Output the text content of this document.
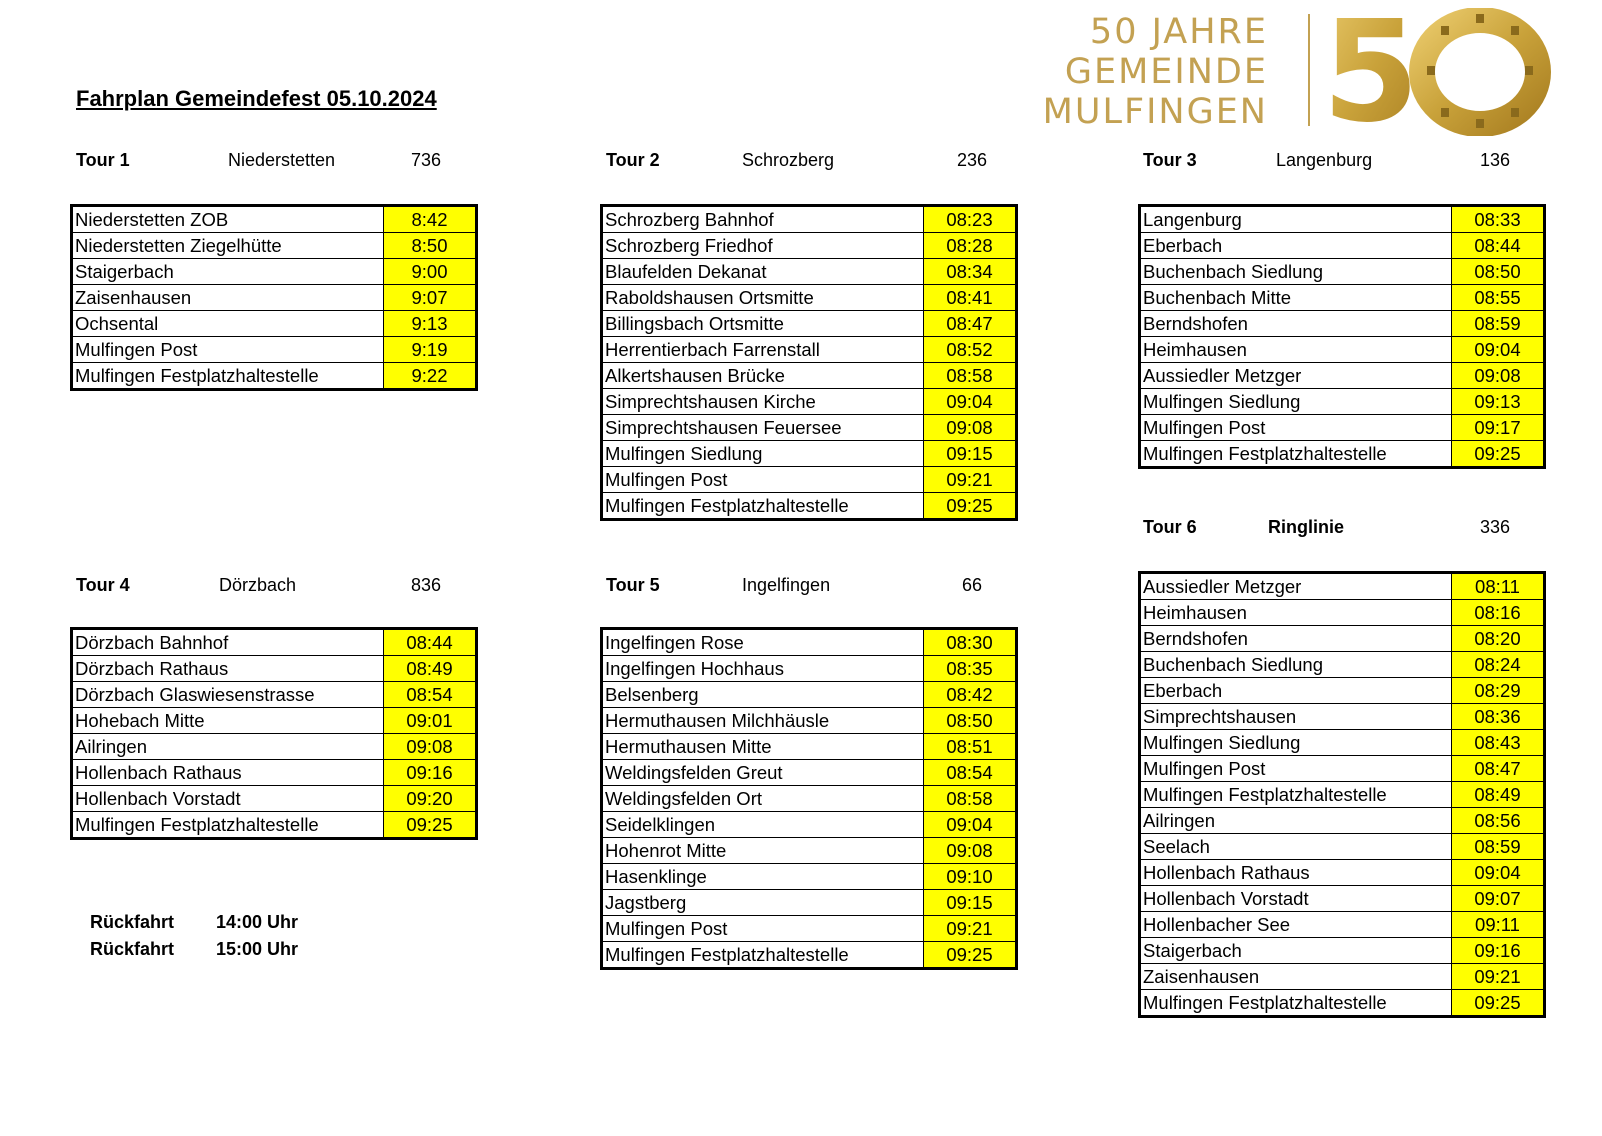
Fahrplan Gemeindefest 05.10.2024
50 JAHRE
GEMEINDE
MULFINGEN 5
Tour 1	Niederstetten	736
Niederstetten ZOB	8:42
Niederstetten Ziegelhütte	8:50
Staigerbach	9:00
Zaisenhausen	9:07
Ochsental	9:13
Mulfingen Post	9:19
Mulfingen Festplatzhaltestelle	9:22
Tour 2	Schrozberg	236
Schrozberg Bahnhof	08:23
Schrozberg Friedhof	08:28
Blaufelden Dekanat	08:34
Raboldshausen Ortsmitte	08:41
Billingsbach Ortsmitte	08:47
Herrentierbach Farrenstall	08:52
Alkertshausen Brücke	08:58
Simprechtshausen Kirche	09:04
Simprechtshausen Feuersee	09:08
Mulfingen Siedlung	09:15
Mulfingen Post	09:21
Mulfingen Festplatzhaltestelle	09:25
Tour 3	Langenburg	136
Langenburg	08:33
Eberbach	08:44
Buchenbach Siedlung	08:50
Buchenbach Mitte	08:55
Berndshofen	08:59
Heimhausen	09:04
Aussiedler Metzger	09:08
Mulfingen Siedlung	09:13
Mulfingen Post	09:17
Mulfingen Festplatzhaltestelle	09:25
Tour 4	Dörzbach	836
Dörzbach Bahnhof	08:44
Dörzbach Rathaus	08:49
Dörzbach Glaswiesenstrasse	08:54
Hohebach Mitte	09:01
Ailringen	09:08
Hollenbach Rathaus	09:16
Hollenbach Vorstadt	09:20
Mulfingen Festplatzhaltestelle	09:25
Tour 5	Ingelfingen	66
Ingelfingen Rose	08:30
Ingelfingen Hochhaus	08:35
Belsenberg	08:42
Hermuthausen Milchhäusle	08:50
Hermuthausen Mitte	08:51
Weldingsfelden Greut	08:54
Weldingsfelden Ort	08:58
Seidelklingen	09:04
Hohenrot Mitte	09:08
Hasenklinge	09:10
Jagstberg	09:15
Mulfingen Post	09:21
Mulfingen Festplatzhaltestelle	09:25
Tour 6	Ringlinie	336
Aussiedler Metzger	08:11
Heimhausen	08:16
Berndshofen	08:20
Buchenbach Siedlung	08:24
Eberbach	08:29
Simprechtshausen	08:36
Mulfingen Siedlung	08:43
Mulfingen Post	08:47
Mulfingen Festplatzhaltestelle	08:49
Ailringen	08:56
Seelach	08:59
Hollenbach Rathaus	09:04
Hollenbach Vorstadt	09:07
Hollenbacher See	09:11
Staigerbach	09:16
Zaisenhausen	09:21
Mulfingen Festplatzhaltestelle	09:25
Rückfahrt 14:00 Uhr
Rückfahrt 15:00 Uhr
